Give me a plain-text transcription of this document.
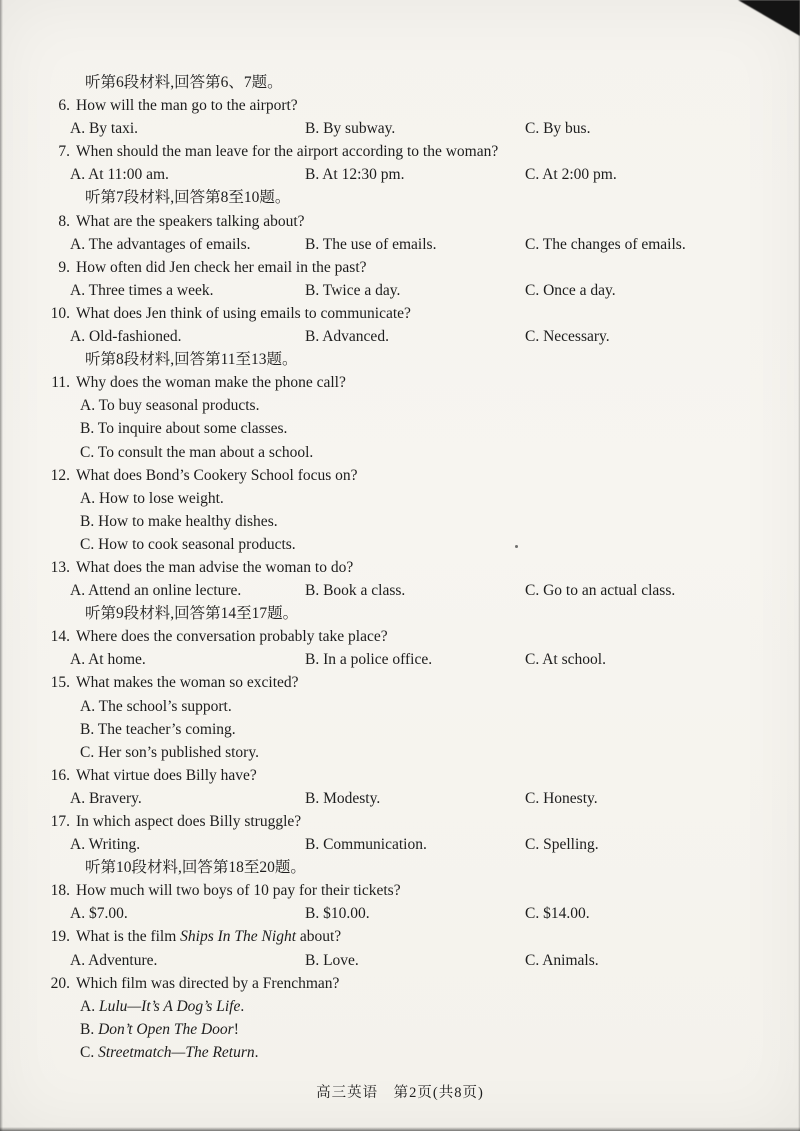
听第6段材料,回答第6、7题。
6. How will the man go to the airport?
A. By taxi.	B. By subway.	C. By bus.
7. When should the man leave for the airport according to the woman?
A. At 11:00 am.	B. At 12:30 pm.	C. At 2:00 pm.
听第7段材料,回答第8至10题。
8. What are the speakers talking about?
A. The advantages of emails.	B. The use of emails.	C. The changes of emails.
9. How often did Jen check her email in the past?
A. Three times a week.	B. Twice a day.	C. Once a day.
10. What does Jen think of using emails to communicate?
A. Old-fashioned.	B. Advanced.	C. Necessary.
听第8段材料,回答第11至13题。
11. Why does the woman make the phone call?
A. To buy seasonal products.
B. To inquire about some classes.
C. To consult the man about a school.
12. What does Bond’s Cookery School focus on?
A. How to lose weight.
B. How to make healthy dishes.
C. How to cook seasonal products.
13. What does the man advise the woman to do?
A. Attend an online lecture.	B. Book a class.	C. Go to an actual class.
听第9段材料,回答第14至17题。
14. Where does the conversation probably take place?
A. At home.	B. In a police office.	C. At school.
15. What makes the woman so excited?
A. The school’s support.
B. The teacher’s coming.
C. Her son’s published story.
16. What virtue does Billy have?
A. Bravery.	B. Modesty.	C. Honesty.
17. In which aspect does Billy struggle?
A. Writing.	B. Communication.	C. Spelling.
听第10段材料,回答第18至20题。
18. How much will two boys of 10 pay for their tickets?
A. $7.00.	B. $10.00.	C. $14.00.
19. What is the film Ships In The Night about?
A. Adventure.	B. Love.	C. Animals.
20. Which film was directed by a Frenchman?
A. Lulu—It’s A Dog’s Life.
B. Don’t Open The Door!
C. Streetmatch—The Return.
高三英语　第2页(共8页)
